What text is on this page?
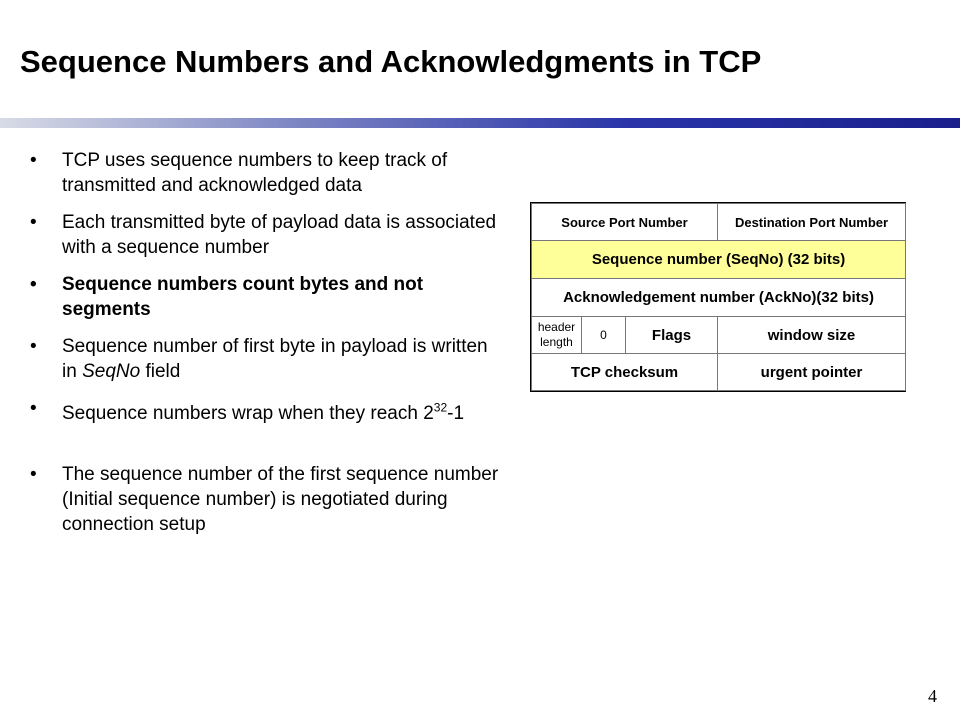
Sequence Numbers and Acknowledgments in TCP
• TCP uses sequence numbers to keep track of transmitted and acknowledged data
• Each transmitted byte of payload data is associated with a sequence number
• Sequence numbers count bytes and not segments
• Sequence number of first byte in payload is written in SeqNo field
• Sequence numbers wrap when they reach $2^{32}-1$
• The sequence number of the first sequence number (Initial sequence number) is negotiated during connection setup
Source Port Number			Destination Port Number
Sequence number (SeqNo) (32 bits)			
Acknowledgement number (AckNo)(32 bits)			
header
length	0	Flags	window size
TCP checksum			urgent pointer
4
